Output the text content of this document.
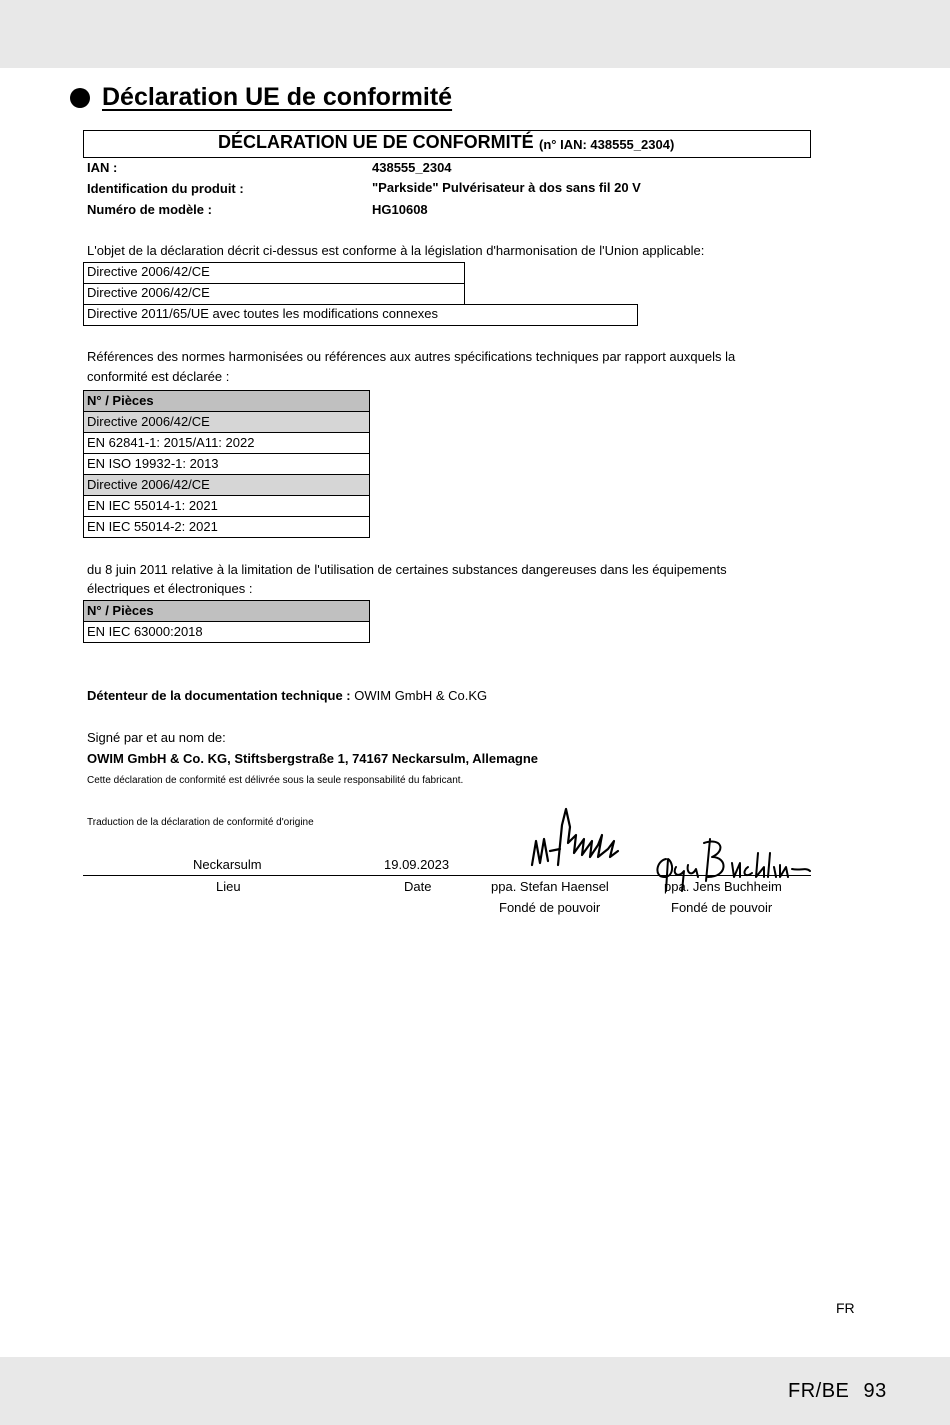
Déclaration UE de conformité
DÉCLARATION UE DE CONFORMITÉ (n° IAN: 438555_2304)
IAN :	438555_2304
Identification du produit :	"Parkside" Pulvérisateur à dos sans fil 20 V
Numéro de modèle :	HG10608
L'objet de la déclaration décrit ci-dessus est conforme à la législation d'harmonisation de l'Union applicable:
Directive 2006/42/CE
Directive 2006/42/CE
Directive 2011/65/UE avec toutes les modifications connexes
Références des normes harmonisées ou références aux autres spécifications techniques par rapport auxquels la
conformité est déclarée :
N° / Pièces
Directive 2006/42/CE
EN 62841-1: 2015/A11: 2022
EN ISO 19932-1: 2013
Directive 2006/42/CE
EN IEC 55014-1: 2021
EN IEC 55014-2: 2021
du 8 juin 2011 relative à la limitation de l'utilisation de certaines substances dangereuses dans les équipements
électriques et électroniques :
N° / Pièces
EN IEC 63000:2018
Détenteur de la documentation technique : OWIM GmbH & Co.KG
Signé par et au nom de:
OWIM GmbH & Co. KG, Stiftsbergstraße 1, 74167 Neckarsulm, Allemagne
Cette déclaration de conformité est délivrée sous la seule responsabilité du fabricant.
Traduction de la déclaration de conformité d'origine
Neckarsulm	19.09.2023
Lieu	Date	ppa. Stefan Haensel	ppa. Jens Buchheim
Fondé de pouvoir	Fondé de pouvoir
FR
FR/BE 93
